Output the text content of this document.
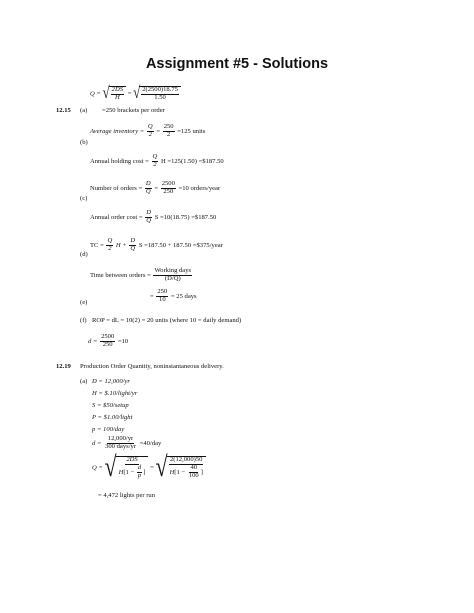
Assignment #5 - Solutions
Q = √ $\frac{2DS}{H}$ = √ $\frac{2(2500)18.75}{1.50}$
12.15 (a) =250 brackets per order
Average inventory = $\frac{Q}{2} = \frac{250}{2} =125$ units
(b)
Annual holding $\cos t = \frac{Q}{2}$ H =125(1.50) =$187.50
Number of orders = $\frac{D}{Q} = \frac{2500}{250} =10$ orders/year
(c)
Annual order $\cos t = \frac{D}{Q}$ S =10(18.75) =$187.50
TC = $\frac{Q}{2}$ $H + \frac{D}{Q}$ S =187.50 + 187.50 =$375/year
(d)
Time between orders = $\frac{\text{Working days}}{(D/Q)}$
= $\frac{250}{10} = 25$ days
(e)
(f) ROP = dL = 10(2) = 20 units (where 10 = daily demand)
$d = \frac{2500}{250} =10$
12.19 Production Order Quantity, noninstantaneous delivery.
(a) D = 12,000/yr
H = $.10/light/yr
S = $50/setup
P = $1.00/light
p = 100/day
$d = \frac{12,000/yr}{\text{300 days/yr}} =40/day$
Q = √ $\frac{2DS}{H[1 - \frac{d}{p} ]}$ = √ $\frac{2(12,000)50}{H[1 - \frac{40}{100} ]}$
= 4,472 lights per run
